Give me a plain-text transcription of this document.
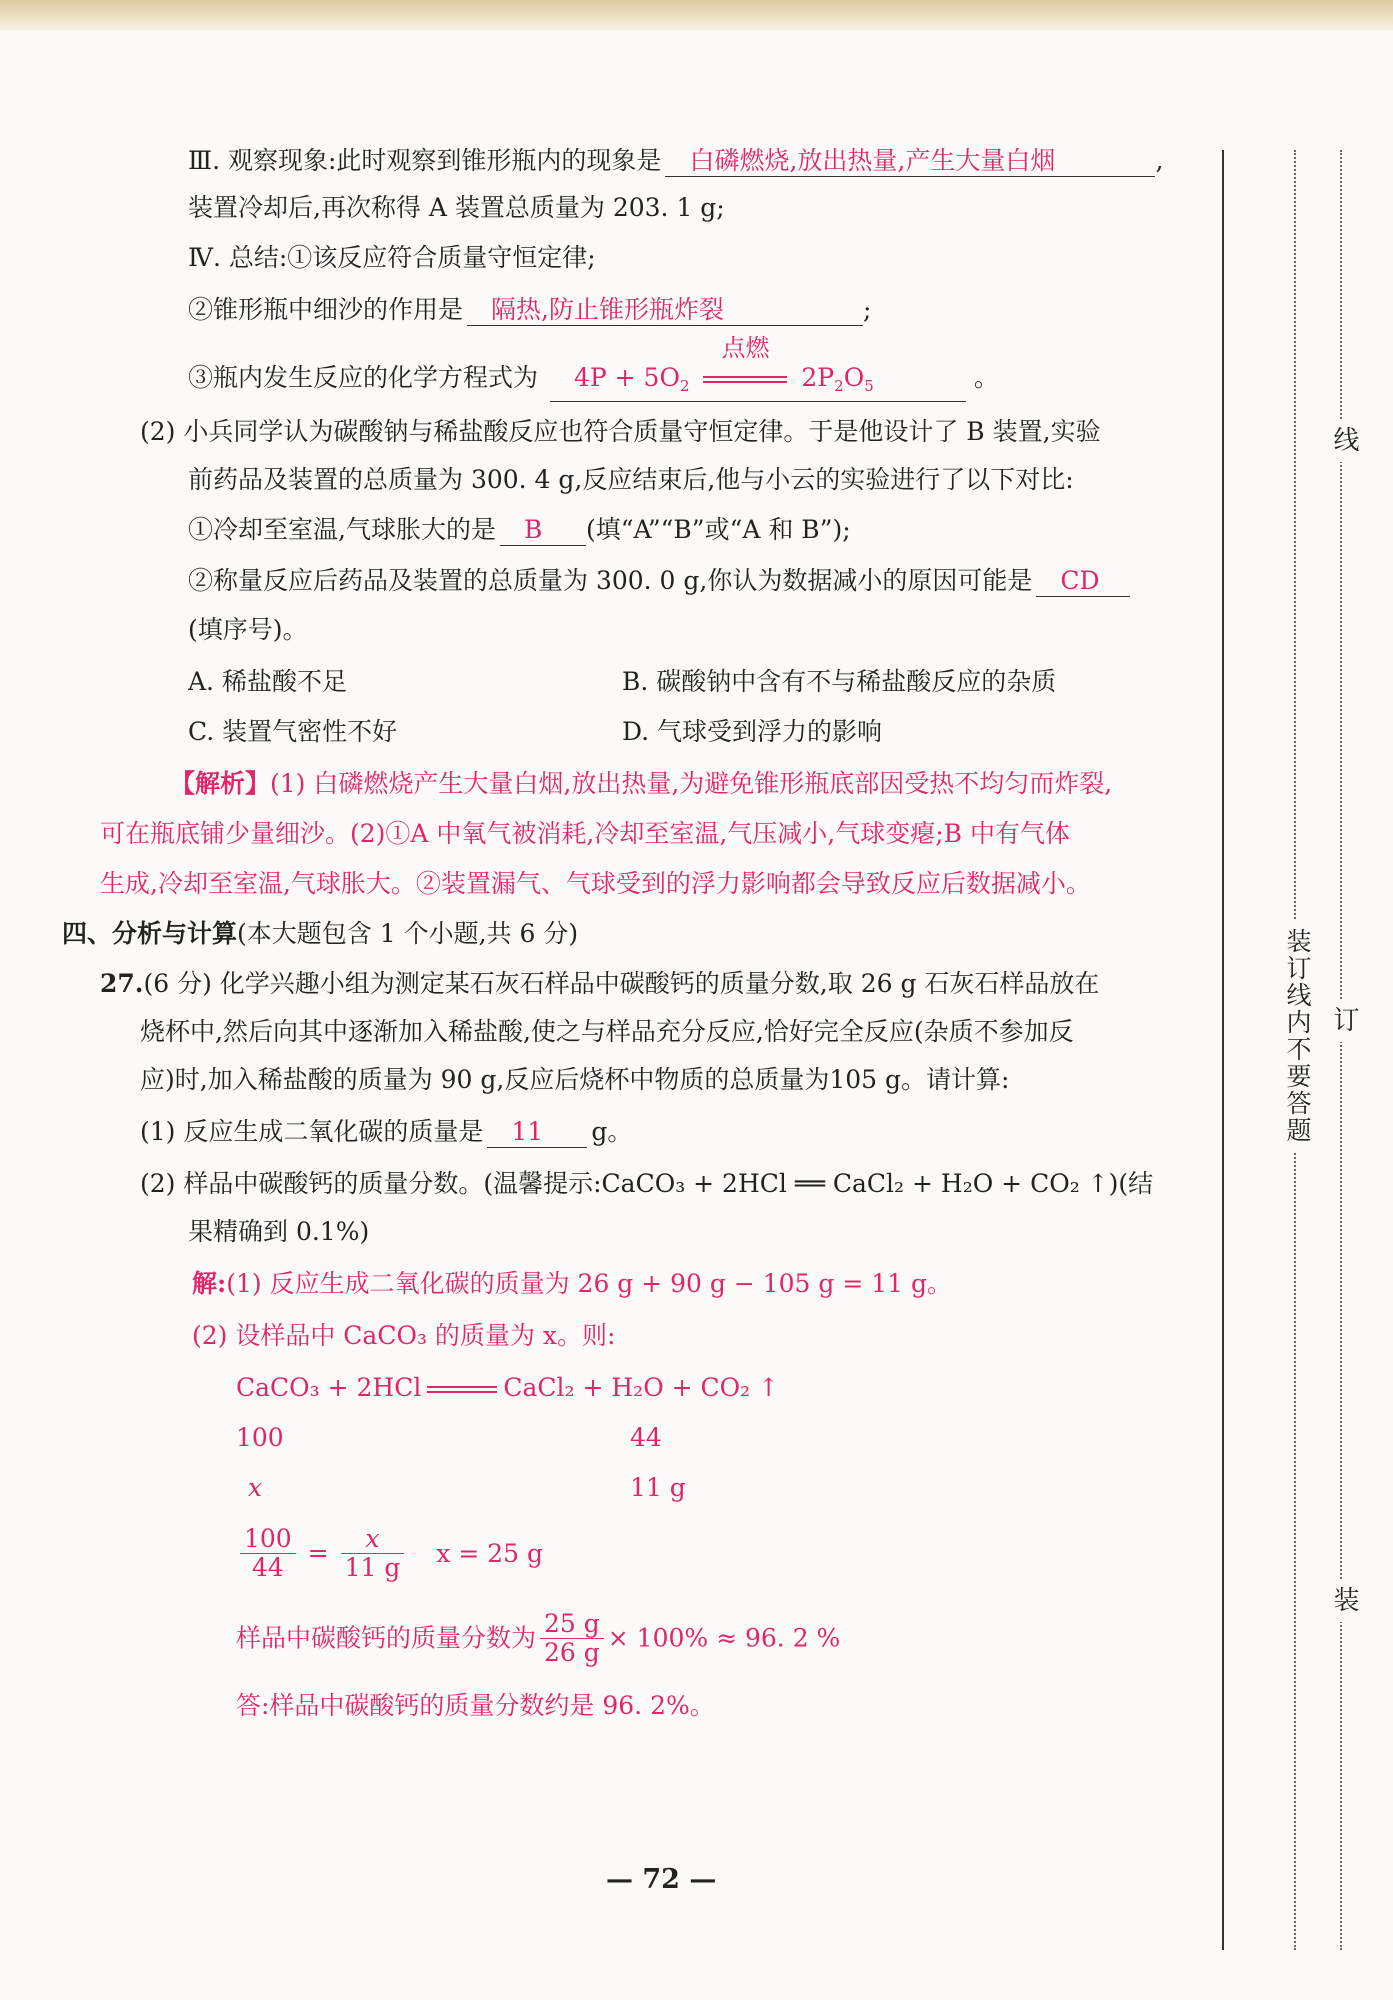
Ⅲ. 观察现象:此时观察到锥形瓶内的现象是 白磷燃烧,放出热量,产生大量白烟	,
装置冷却后,再次称得 A 装置总质量为 203. 1 g;
Ⅳ. 总结:①该反应符合质量守恒定律;
②锥形瓶中细沙的作用是 隔热,防止锥形瓶炸裂	;
③瓶内发生反应的化学方程式为 $4P + 5O_2$
点燃
$2P_2O_5$	。
(2) 小兵同学认为碳酸钠与稀盐酸反应也符合质量守恒定律。于是他设计了 B 装置,实验
前药品及装置的总质量为 300. 4 g,反应结束后,他与小云的实验进行了以下对比:
①冷却至室温,气球胀大的是 B (填“A”“B”或“A 和 B”);
②称量反应后药品及装置的总质量为 300. 0 g,你认为数据减小的原因可能是 CD
(填序号)。
A. 稀盐酸不足	B. 碳酸钠中含有不与稀盐酸反应的杂质
C. 装置气密性不好	D. 气球受到浮力的影响
【解析】(1) 白磷燃烧产生大量白烟,放出热量,为避免锥形瓶底部因受热不均匀而炸裂,
可在瓶底铺少量细沙。(2)①A 中氧气被消耗,冷却至室温,气压减小,气球变瘪;B 中有气体
生成,冷却至室温,气球胀大。②装置漏气、气球受到的浮力影响都会导致反应后数据减小。
四、分析与计算(本大题包含 1 个小题,共 6 分)
27.(6 分) 化学兴趣小组为测定某石灰石样品中碳酸钙的质量分数,取 26 g 石灰石样品放在
烧杯中,然后向其中逐渐加入稀盐酸,使之与样品充分反应,恰好完全反应(杂质不参加反
应)时,加入稀盐酸的质量为 90 g,反应后烧杯中物质的总质量为105 g。请计算:
(1) 反应生成二氧化碳的质量是 11 g。
(2) 样品中碳酸钙的质量分数。(温馨提示:CaCO₃ + 2HCl ══ CaCl₂ + H₂O + CO₂ ↑)(结
果精确到 0.1%)
解:(1) 反应生成二氧化碳的质量为 26 g + 90 g − 105 g = 11 g。
(2) 设样品中 CaCO₃ 的质量为 x。则:
CaCO₃ + 2HCl	CaCl₂ + H₂O + CO₂ ↑
100	44
x	11 g
$\frac{100}{44} = \frac{x}{11 g}$ x = 25 g
样品中碳酸钙的质量分数为 $\frac{25 g}{26 g} \times 100\% \approx 96$. 2 %
答:样品中碳酸钙的质量分数约是 96. 2%。
— 72 —
线
订
装
装订线内不要答题
